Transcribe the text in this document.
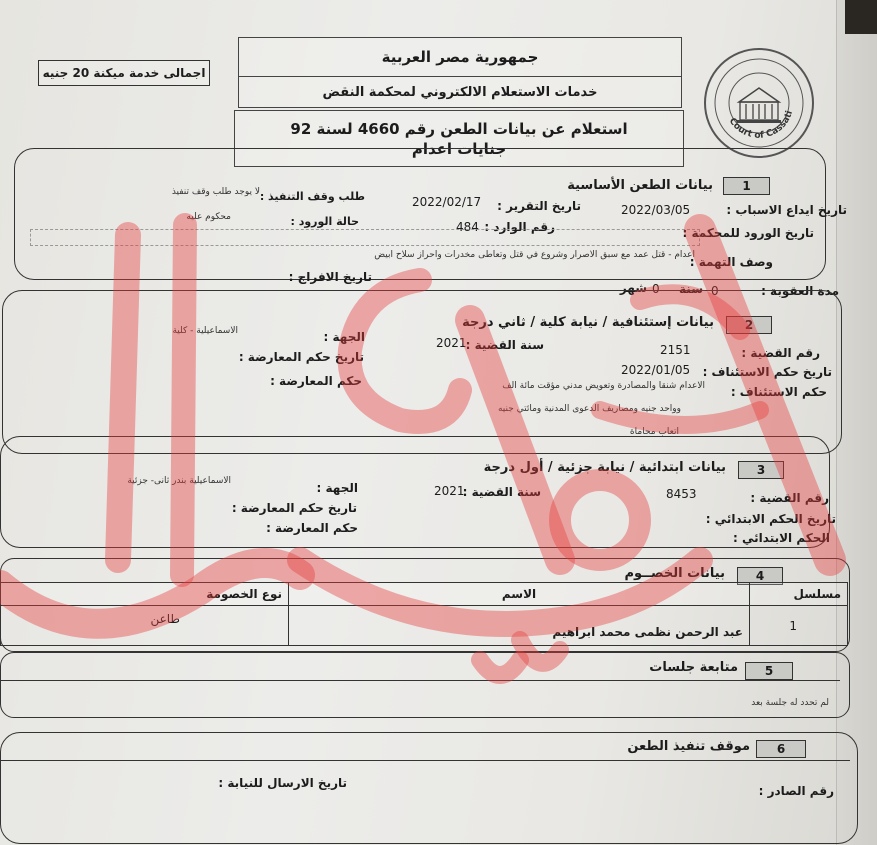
اجمالى خدمة ميكنة 20 جنيه
جمهورية مصر العربية
خدمات الاستعلام الالكتروني لمحكمة النقض
استعلام عن بيانات الطعن رقم 4660 لسنة 92
جنايات اعدام
Court of Cassati
1
بيانات الطعن الأساسية
تاريخ ايداع الاسباب :
2022/03/05
تاريخ التقرير :
2022/02/17
طلب وقف التنفيذ :
لا يوجد طلب وقف تنفيذ
تاريخ الورود للمحكمة :
رقم الوارد :
484
حالة الورود :
محكوم عليه
وصف التهمة :
اعدام - قتل عمد مع سبق الاصرار وشروع في قتل وتعاطى مخدرات واحراز سلاح ابيض
تاريخ الافراج :
مدة العقوبة :
0
سنة
0
شهر
2
بيانات إستئنافية / نيابة كلية / ثاني درجة
رقم القضية :
2151
سنة القضية :
2021
الجهة :
الاسماعيلية - كلية
تاريخ حكم المعارضة :
تاريخ حكم الاستئناف :
2022/01/05
حكم المعارضة :
حكم الاستئناف :
الاعدام شنقا والمصادرة وتعويض مدني مؤقت مائة الف
وواحد جنيه ومصاريف الدعوى المدنية ومائتي جنيه
اتعاب محاماة
3
بيانات ابتدائية / نيابة جزئية / أول درجة
رقم القضية :
8453
سنة القضية :
2021
الجهة :
الاسماعيلية بندر ثانى- جزئية
تاريخ حكم المعارضة :
تاريخ الحكم الابتدائي :
حكم المعارضة :
الحكم الابتدائي :
4
بيانات الخصــوم
مسلسل	الاسم	نوع الخصومة
1	عبد الرحمن نظمى محمد ابراهيم	طاعن
5
متابعة جلسات
لم تحدد له جلسة بعد
6
موقف تنفيذ الطعن
رقم الصادر :
تاريخ الارسال للنيابة :
